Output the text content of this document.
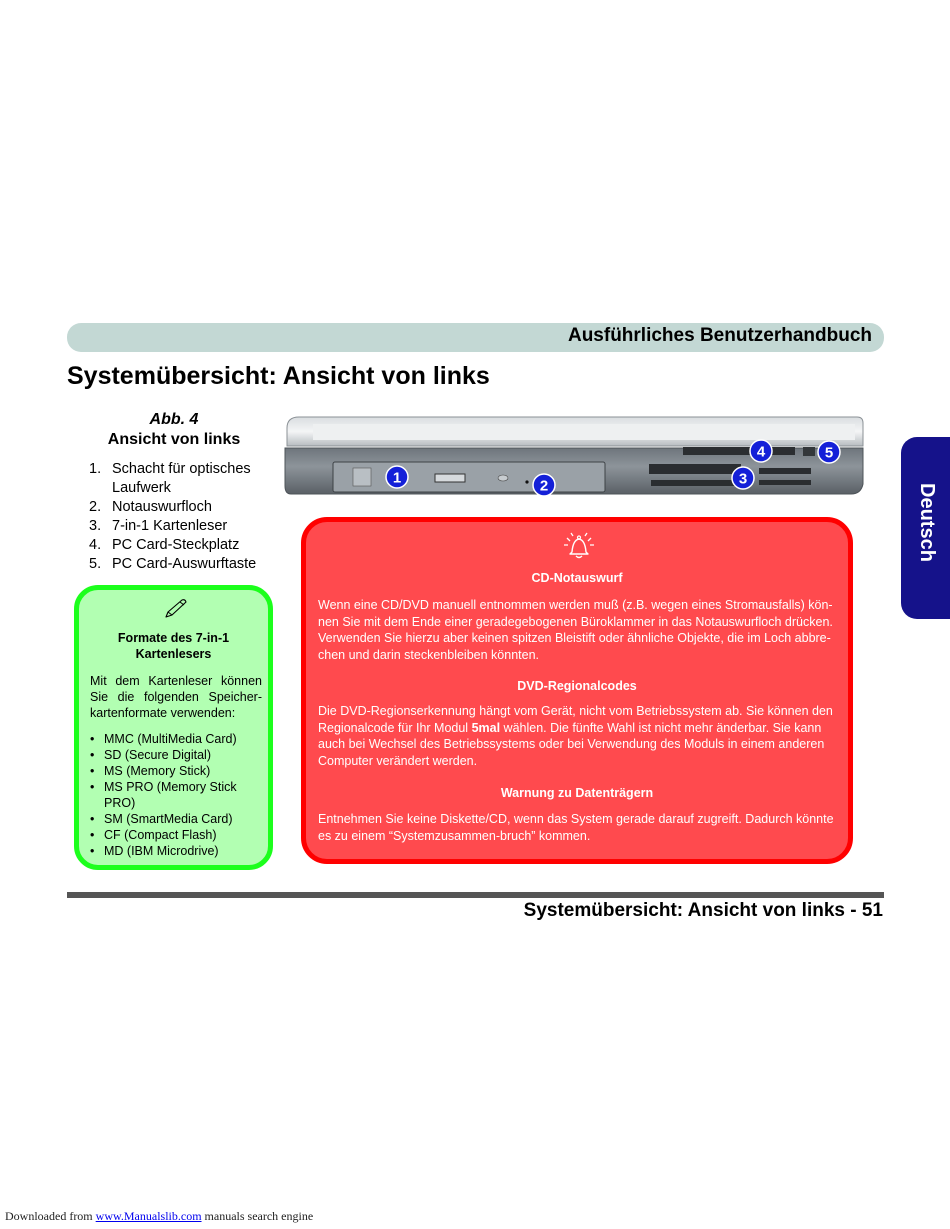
Ausführliches Benutzerhandbuch
Systemübersicht: Ansicht von links
Deutsch
Abb. 4
Ansicht von links
1. Schacht für optisches Laufwerk
2. Notauswurfloch
3. 7-in-1 Kartenleser
4. PC Card-Steckplatz
5. PC Card-Auswurftaste
1	2	3
4	5
Formate des 7-in-1 Kartenlesers

Mit dem Kartenleser können Sie die folgenden Speicher-kartenformate verwenden:

• MMC (MultiMedia Card)
• SD (Secure Digital)
• MS (Memory Stick)
• MS PRO (Memory Stick PRO)
• SM (SmartMedia Card)
• CF (Compact Flash)
• MD (IBM Microdrive)
CD-Notauswurf

Wenn eine CD/DVD manuell entnommen werden muß (z.B. wegen eines Stromausfalls) kön-nen Sie mit dem Ende einer geradegebogenen Büroklammer in das Notauswurfloch drücken. Verwenden Sie hierzu aber keinen spitzen Bleistift oder ähnliche Objekte, die im Loch abbre-chen und darin steckenbleiben könnten.

DVD-Regionalcodes

Die DVD-Regionserkennung hängt vom Gerät, nicht vom Betriebssystem ab. Sie können den Regionalcode für Ihr Modul 5mal wählen. Die fünfte Wahl ist nicht mehr änderbar. Sie kann auch bei Wechsel des Betriebssystems oder bei Verwendung des Moduls in einem anderen Computer verändert werden.

Warnung zu Datenträgern

Entnehmen Sie keine Diskette/CD, wenn das System gerade darauf zugreift. Dadurch könnte es zu einem “Systemzusammen-bruch” kommen.

Systemübersicht: Ansicht von links - 51
Downloaded from www.Manualslib.com manuals search engine
